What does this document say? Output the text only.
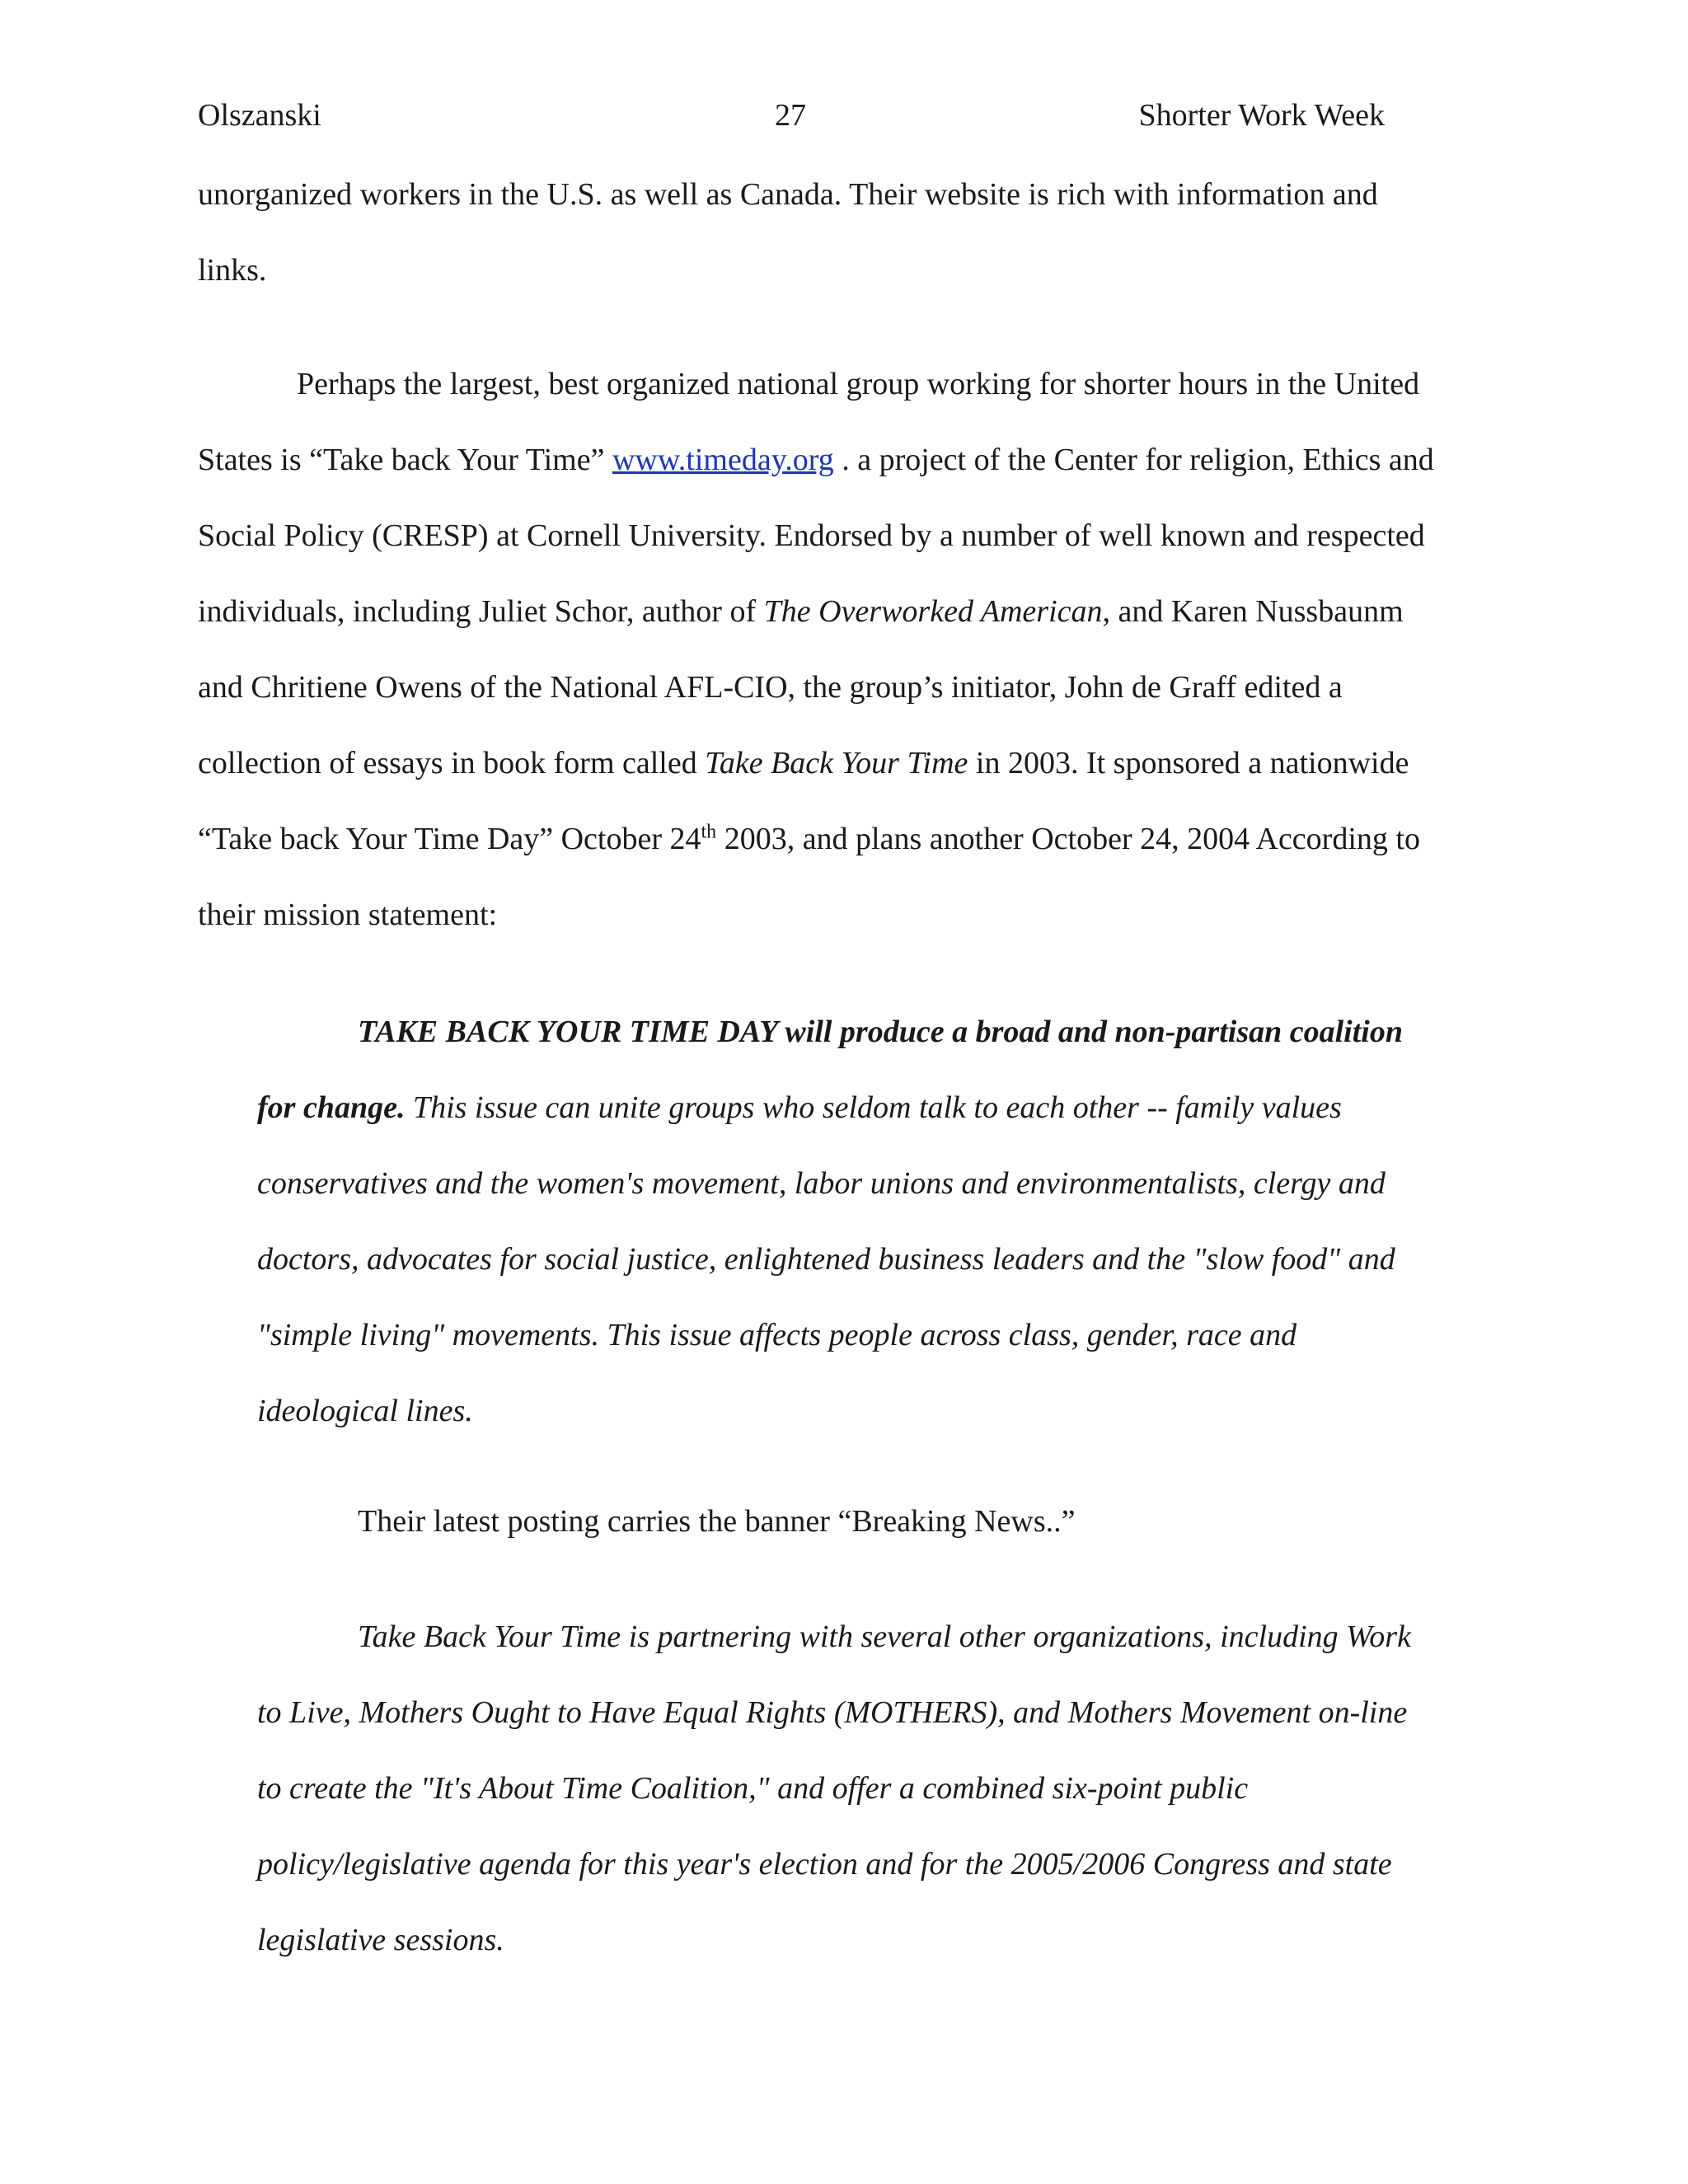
Olszanski	27	Shorter Work Week

unorganized workers in the U.S. as well as Canada. Their website is rich with information and links.

Perhaps the largest, best organized national group working for shorter hours in the United States is “Take back Your Time” www.timeday.org . a project of the Center for religion, Ethics and Social Policy (CRESP) at Cornell University. Endorsed by a number of well known and respected individuals, including Juliet Schor, author of The Overworked American, and Karen Nussbaunm and Chritiene Owens of the National AFL-CIO, the group’s initiator, John de Graff edited a collection of essays in book form called Take Back Your Time in 2003. It sponsored a nationwide “Take back Your Time Day” October 24th 2003, and plans another October 24, 2004 According to their mission statement:

TAKE BACK YOUR TIME DAY will produce a broad and non-partisan coalition for change. This issue can unite groups who seldom talk to each other -- family values conservatives and the women's movement, labor unions and environmentalists, clergy and doctors, advocates for social justice, enlightened business leaders and the "slow food" and "simple living" movements. This issue affects people across class, gender, race and ideological lines.

Their latest posting carries the banner “Breaking News..”

Take Back Your Time is partnering with several other organizations, including Work to Live, Mothers Ought to Have Equal Rights (MOTHERS), and Mothers Movement on-line to create the "It's About Time Coalition," and offer a combined six-point public policy/legislative agenda for this year's election and for the 2005/2006 Congress and state legislative sessions.
